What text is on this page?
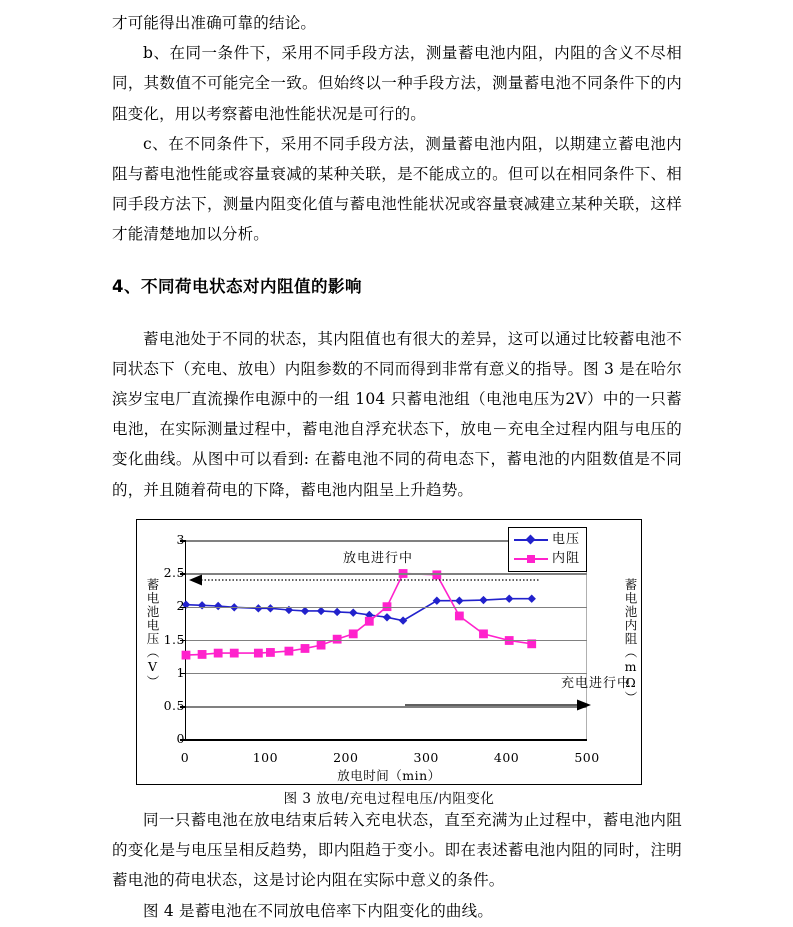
才可能得出准确可靠的结论。

b、在同一条件下，采用不同手段方法，测量蓄电池内阻，内阻的含义不尽相同，其数值不可能完全一致。但始终以一种手段方法，测量蓄电池不同条件下的内阻变化，用以考察蓄电池性能状况是可行的。

c、在不同条件下，采用不同手段方法，测量蓄电池内阻，以期建立蓄电池内阻与蓄电池性能或容量衰减的某种关联，是不能成立的。但可以在相同条件下、相同手段方法下，测量内阻变化值与蓄电池性能状况或容量衰减建立某种关联，这样才能清楚地加以分析。

4、不同荷电状态对内阻值的影响

蓄电池处于不同的状态，其内阻值也有很大的差异，这可以通过比较蓄电池不同状态下（充电、放电）内阻参数的不同而得到非常有意义的指导。图 3 是在哈尔滨岁宝电厂直流操作电源中的一组 104 只蓄电池组（电池电压为2V）中的一只蓄电池，在实际测量过程中，蓄电池自浮充状态下，放电－充电全过程内阻与电压的变化曲线。从图中可以看到: 在蓄电池不同的荷电态下，蓄电池的内阻数值是不同的，并且随着荷电的下降，蓄电池内阻呈上升趋势。

蓄电池电压（V）	蓄电池内阻（mΩ）
0
0.5
1
1.5
2
2.5
3
0	100	200	300	400	500
放电时间（min）
放电进行中
充电进行中
电压
内阻
图 3 放电/充电过程电压/内阻变化

同一只蓄电池在放电结束后转入充电状态，直至充满为止过程中，蓄电池内阻的变化是与电压呈相反趋势，即内阻趋于变小。即在表述蓄电池内阻的同时，注明蓄电池的荷电状态，这是讨论内阻在实际中意义的条件。

图 4 是蓄电池在不同放电倍率下内阻变化的曲线。
